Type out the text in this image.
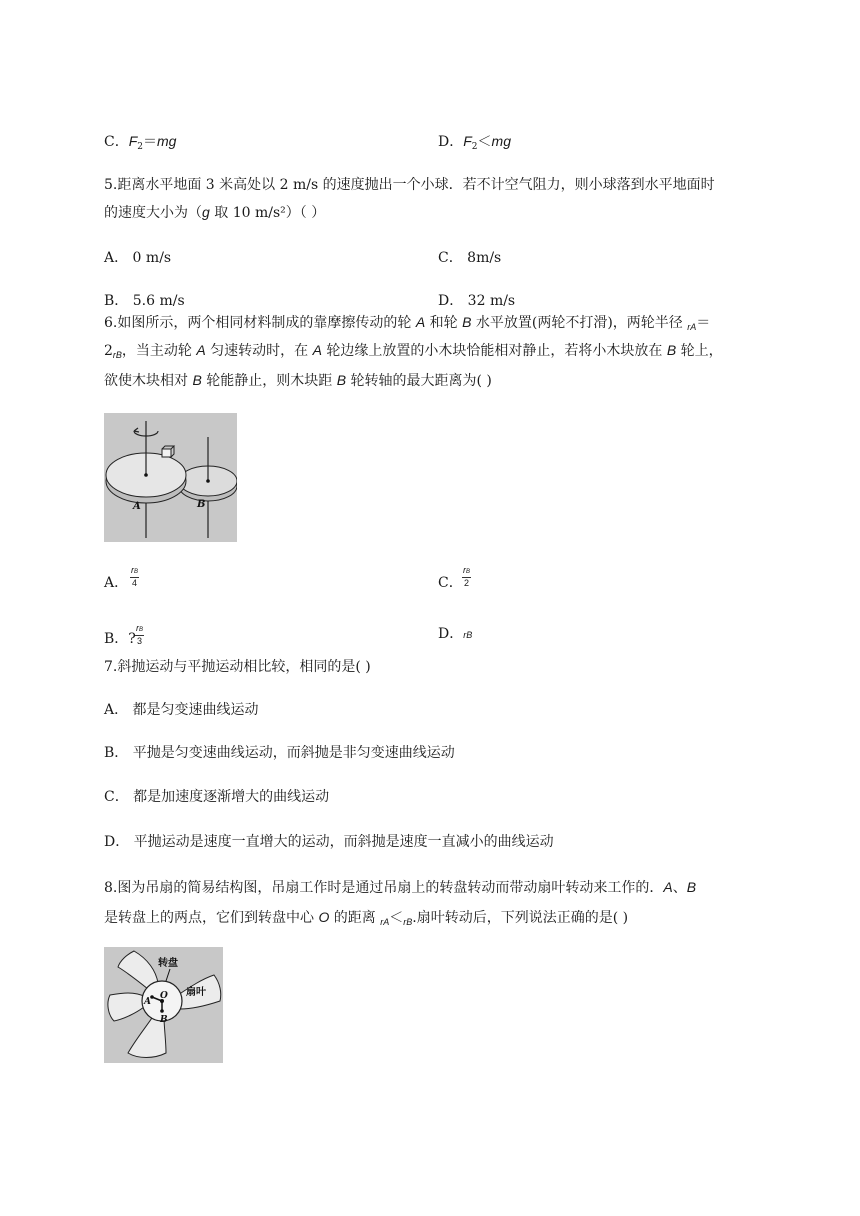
C．$F_2=mg$	D．$F_2<mg$
5.距离水平地面 3 米高处以 2 m/s 的速度抛出一个小球．若不计空气阻力，则小球落到水平地面时
的速度大小为（g 取 10 m/s²）（ ）
A． 0 m/s	C． 8m/s
B． 5.6 m/s	D． 32 m/s
6.如图所示，两个相同材料制成的靠摩擦传动的轮 A 和轮 B 水平放置(两轮不打滑)，两轮半径 $_{rA}$＝
$2_{rB}$，当主动轮 A 匀速转动时，在 A 轮边缘上放置的小木块恰能相对静止，若将小木块放在 B 轮上，
欲使木块相对 B 轮能静止，则木块距 B 轮转轴的最大距离为( )
A	B
A． $\frac{rB}{4}$	C． $\frac{rB}{2}$
B．? $\frac{rB}{3}$	D．rB
7.斜抛运动与平抛运动相比较，相同的是( )
A． 都是匀变速曲线运动
B． 平抛是匀变速曲线运动，而斜抛是非匀变速曲线运动
C． 都是加速度逐渐增大的曲线运动
D． 平抛运动是速度一直增大的运动，而斜抛是速度一直减小的曲线运动
8.图为吊扇的简易结构图，吊扇工作时是通过吊扇上的转盘转动而带动扇叶转动来工作的．A、B
是转盘上的两点，它们到转盘中心 O 的距离 $_{rA}<_{rB}$.扇叶转动后，下列说法正确的是( )
转盘
扇叶
O
A
B
